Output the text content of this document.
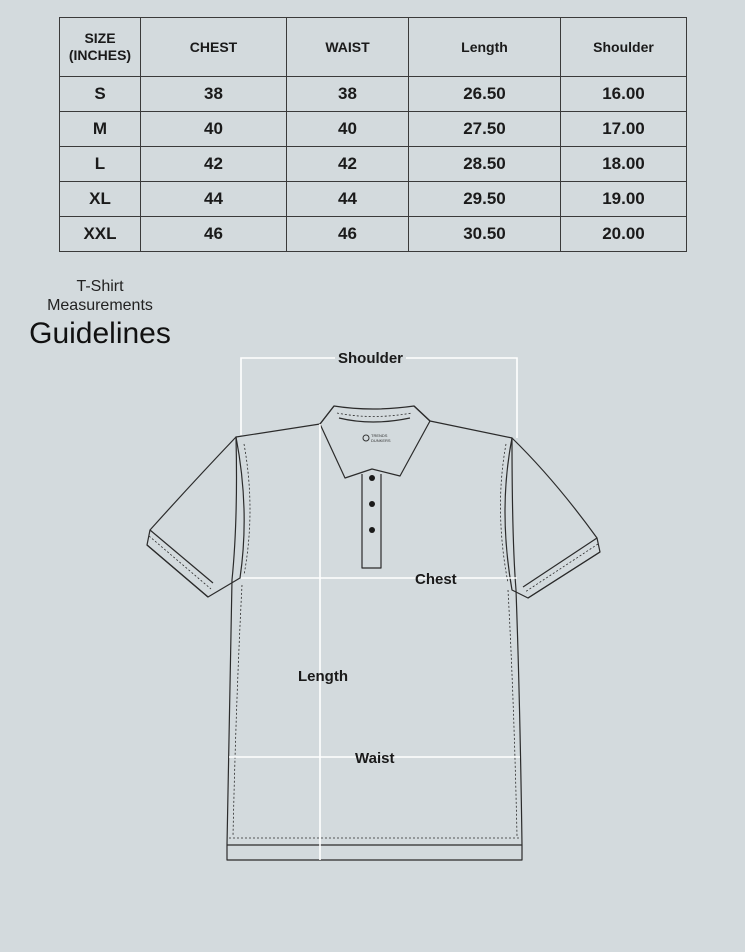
SIZE
(INCHES)	CHEST	WAIST	Length	Shoulder
S	38	38	26.50	16.00
M	40	40	27.50	17.00
L	42	42	28.50	18.00
XL	44	44	29.50	19.00
XXL	46	46	30.50	20.00
T-Shirt
Measurements
Guidelines
TRENDS
DUNKERS
Shoulder
Chest
Length
Waist
